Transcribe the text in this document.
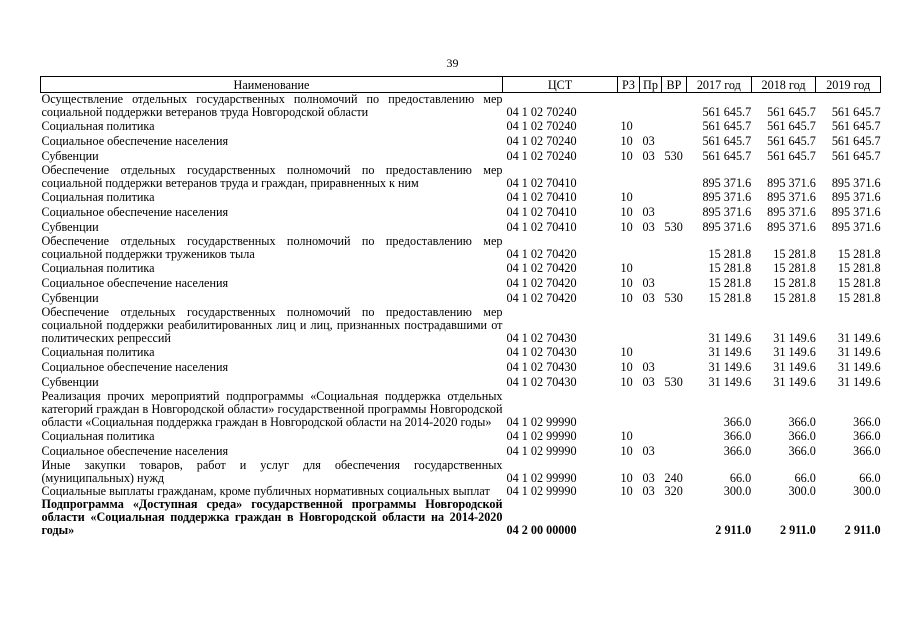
39
Наименование	ЦСТ	РЗ	Пр	ВР	2017 год	2018 год	2019 год
Осуществление отдельных государственных полномочий по предоставлению мер социальной поддержки ветеранов труда Новгородской области	04 1 02 70240				561 645.7	561 645.7	561 645.7
Социальная политика	04 1 02 70240	10			561 645.7	561 645.7	561 645.7
Социальное обеспечение населения	04 1 02 70240	10	03		561 645.7	561 645.7	561 645.7
Субвенции	04 1 02 70240	10	03	530	561 645.7	561 645.7	561 645.7
Обеспечение отдельных государственных полномочий по предоставлению мер социальной поддержки ветеранов труда и граждан, приравненных к ним	04 1 02 70410				895 371.6	895 371.6	895 371.6
Социальная политика	04 1 02 70410	10			895 371.6	895 371.6	895 371.6
Социальное обеспечение населения	04 1 02 70410	10	03		895 371.6	895 371.6	895 371.6
Субвенции	04 1 02 70410	10	03	530	895 371.6	895 371.6	895 371.6
Обеспечение отдельных государственных полномочий по предоставлению мер социальной поддержки тружеников тыла	04 1 02 70420				15 281.8	15 281.8	15 281.8
Социальная политика	04 1 02 70420	10			15 281.8	15 281.8	15 281.8
Социальное обеспечение населения	04 1 02 70420	10	03		15 281.8	15 281.8	15 281.8
Субвенции	04 1 02 70420	10	03	530	15 281.8	15 281.8	15 281.8
Обеспечение отдельных государственных полномочий по предоставлению мер социальной поддержки реабилитированных лиц и лиц, признанных пострадавшими от политических репрессий	04 1 02 70430				31 149.6	31 149.6	31 149.6
Социальная политика	04 1 02 70430	10			31 149.6	31 149.6	31 149.6
Социальное обеспечение населения	04 1 02 70430	10	03		31 149.6	31 149.6	31 149.6
Субвенции	04 1 02 70430	10	03	530	31 149.6	31 149.6	31 149.6
Реализация прочих мероприятий подпрограммы «Социальная поддержка отдельных категорий граждан в Новгородской области» государственной программы Новгородской области «Социальная поддержка граждан в Новгородской области на 2014-2020 годы»	04 1 02 99990				366.0	366.0	366.0
Социальная политика	04 1 02 99990	10			366.0	366.0	366.0
Социальное обеспечение населения	04 1 02 99990	10	03		366.0	366.0	366.0
Иные закупки товаров, работ и услуг для обеспечения государственных (муниципальных) нужд	04 1 02 99990	10	03	240	66.0	66.0	66.0
Социальные выплаты гражданам, кроме публичных нормативных социальных выплат	04 1 02 99990	10	03	320	300.0	300.0	300.0
Подпрограмма «Доступная среда» государственной программы Новгородской области «Социальная поддержка граждан в Новгородской области на 2014-2020 годы»	04 2 00 00000				2 911.0	2 911.0	2 911.0
